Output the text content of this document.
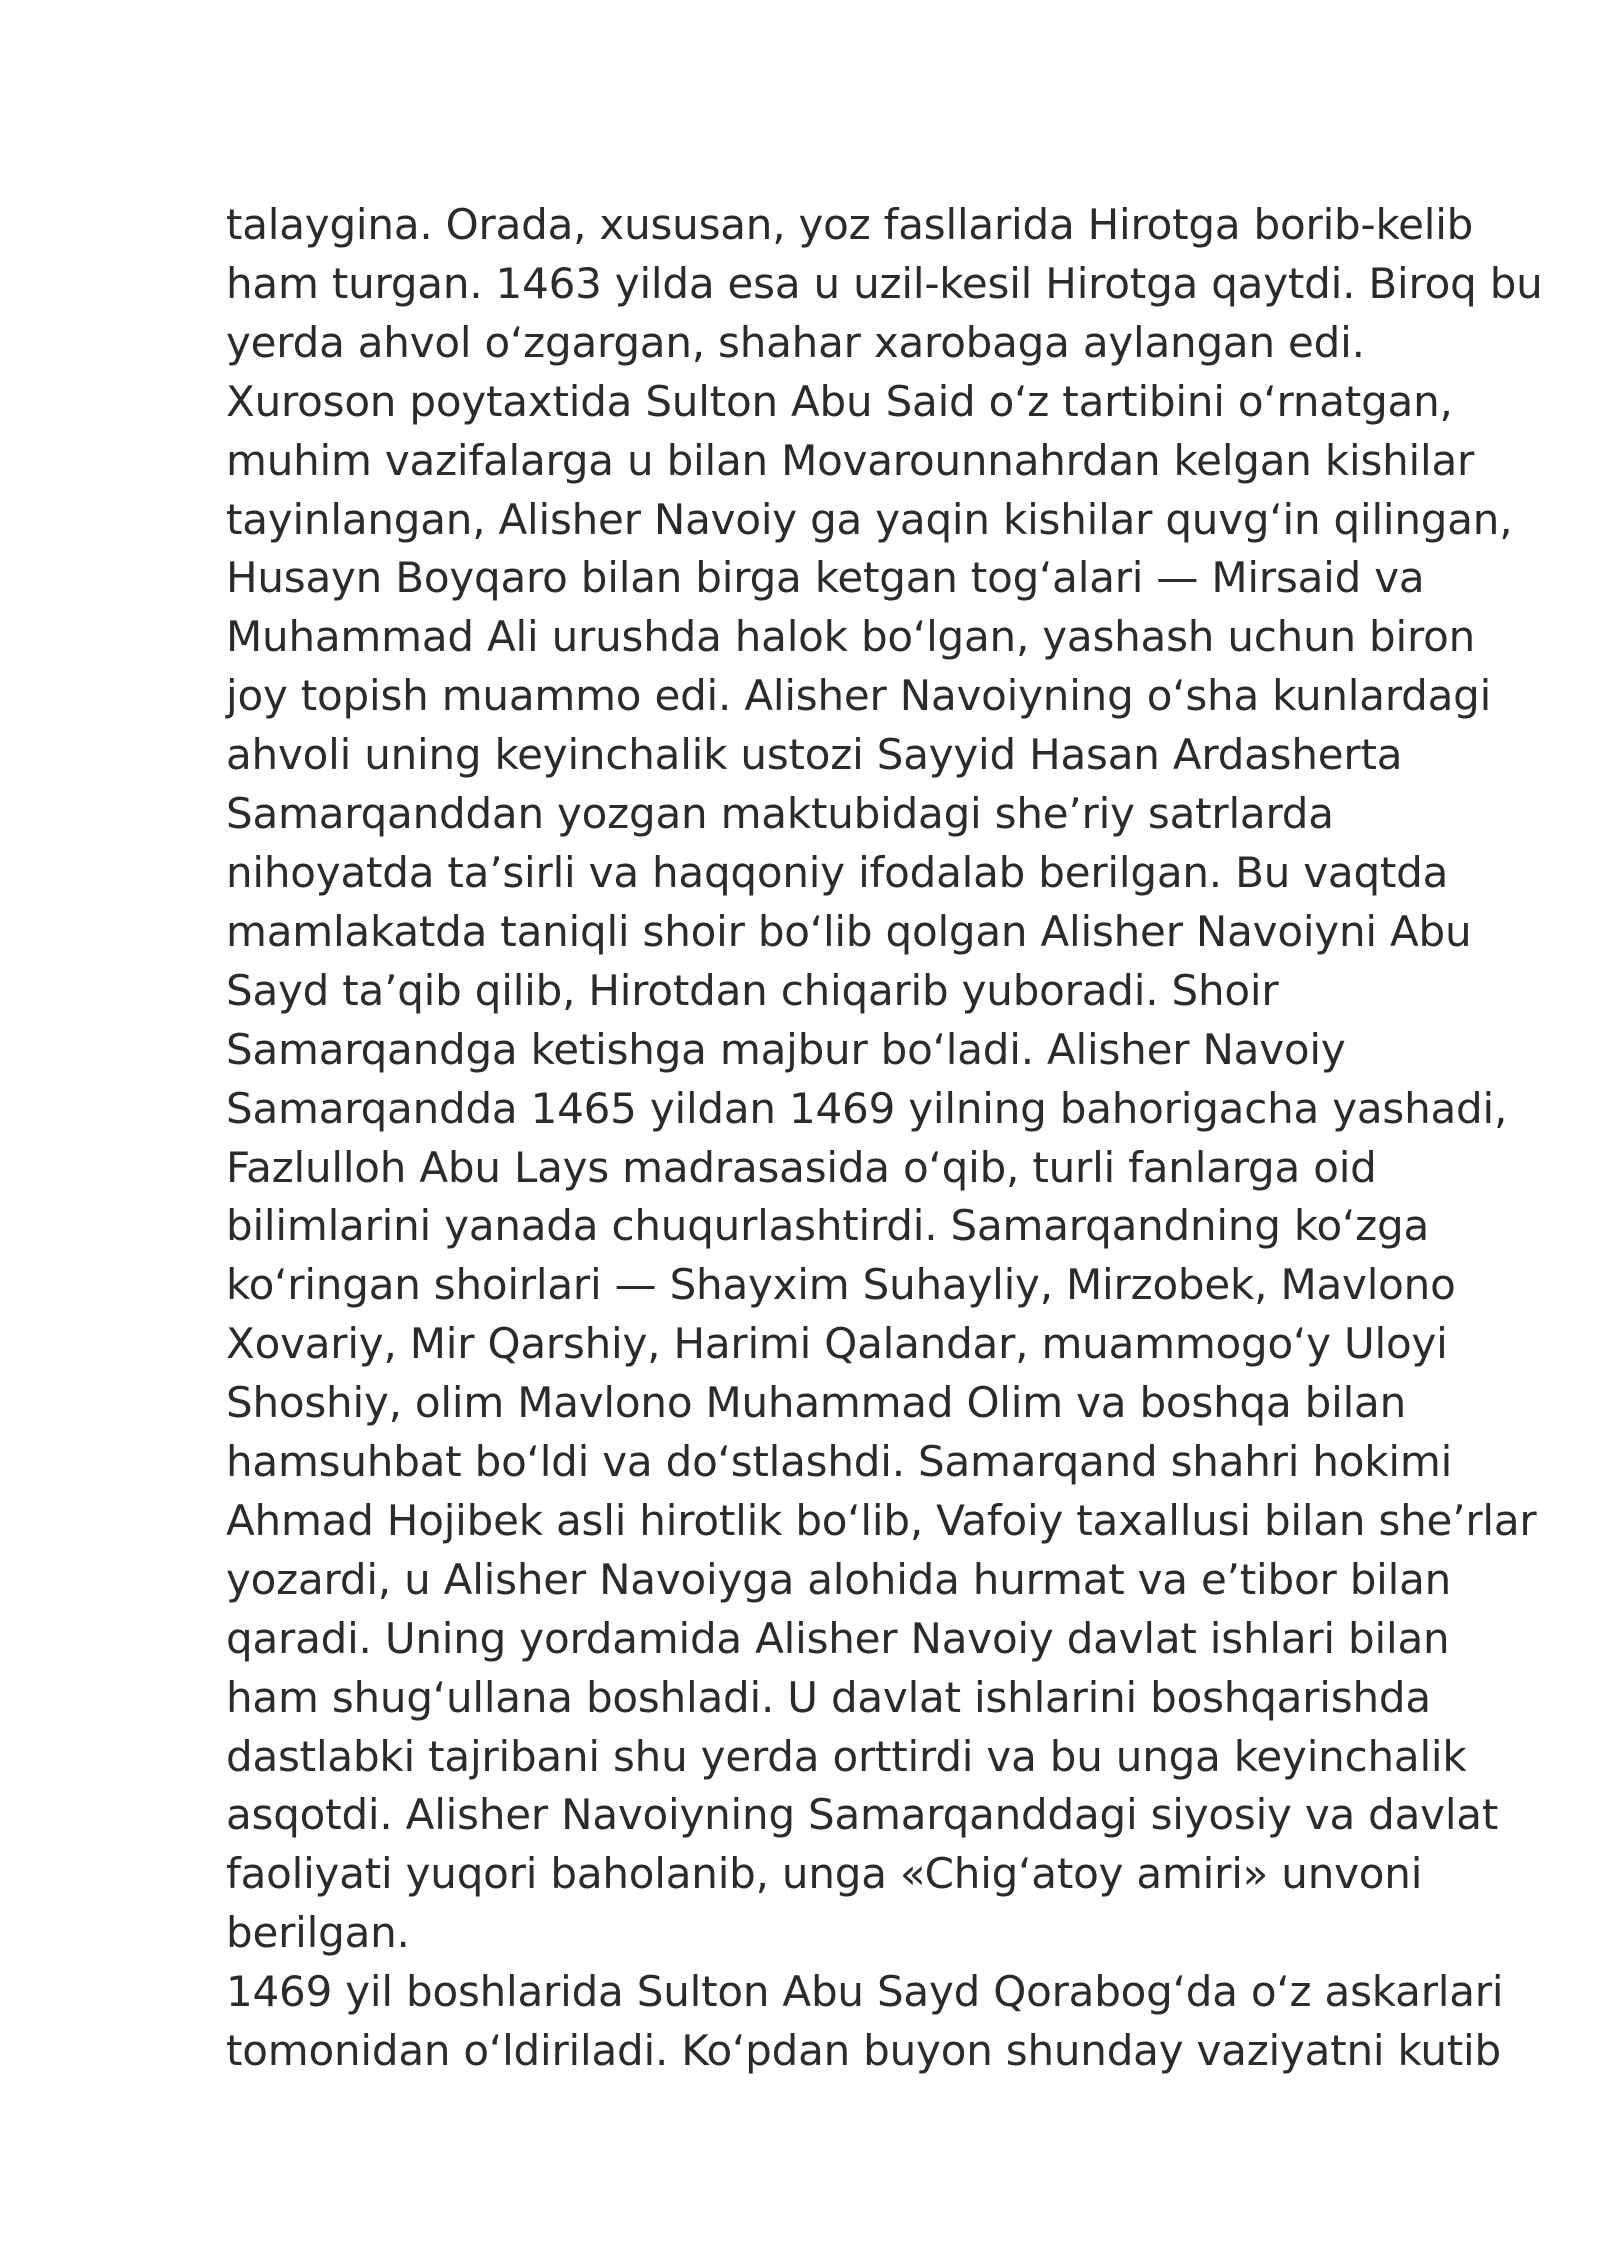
talaygina. Orada, xususan, yoz fasllarida Hirotga borib-kelib
ham turgan. 1463 yilda esa u uzil-kesil Hirotga qaytdi. Biroq bu
yerda ahvol oʻzgargan, shahar xarobaga aylangan edi.
Xuroson poytaxtida Sulton Abu Said oʻz tartibini oʻrnatgan,
muhim vazifalarga u bilan Movarounnahrdan kelgan kishilar
tayinlangan, Alisher Navoiy ga yaqin kishilar quvgʻin qilingan,
Husayn Boyqaro bilan birga ketgan togʻalari — Mirsaid va
Muhammad Ali urushda halok boʻlgan, yashash uchun biron
joy topish muammo edi. Alisher Navoiyning oʻsha kunlardagi
ahvoli uning keyinchalik ustozi Sayyid Hasan Ardasherta
Samarqanddan yozgan maktubidagi sheʼriy satrlarda
nihoyatda taʼsirli va haqqoniy ifodalab berilgan. Bu vaqtda
mamlakatda taniqli shoir boʻlib qolgan Alisher Navoiyni Abu
Sayd taʼqib qilib, Hirotdan chiqarib yuboradi. Shoir
Samarqandga ketishga majbur boʻladi. Alisher Navoiy
Samarqandda 1465 yildan 1469 yilning bahorigacha yashadi,
Fazlulloh Abu Lays madrasasida oʻqib, turli fanlarga oid
bilimlarini yanada chuqurlashtirdi. Samarqandning koʻzga
koʻringan shoirlari — Shayxim Suhayliy, Mirzobek, Mavlono
Xovariy, Mir Qarshiy, Harimi Qalandar, muammogoʻy Uloyi
Shoshiy, olim Mavlono Muhammad Olim va boshqa bilan
hamsuhbat boʻldi va doʻstlashdi. Samarqand shahri hokimi
Ahmad Hojibek asli hirotlik boʻlib, Vafoiy taxallusi bilan sheʼrlar
yozardi, u Alisher Navoiyga alohida hurmat va eʼtibor bilan
qaradi. Uning yordamida Alisher Navoiy davlat ishlari bilan
ham shugʻullana boshladi. U davlat ishlarini boshqarishda
dastlabki tajribani shu yerda orttirdi va bu unga keyinchalik
asqotdi. Alisher Navoiyning Samarqanddagi siyosiy va davlat
faoliyati yuqori baholanib, unga «Chigʻatoy amiri» unvoni
berilgan.

1469 yil boshlarida Sulton Abu Sayd Qorabogʻda oʻz askarlari
tomonidan oʻldiriladi. Koʻpdan buyon shunday vaziyatni kutib
